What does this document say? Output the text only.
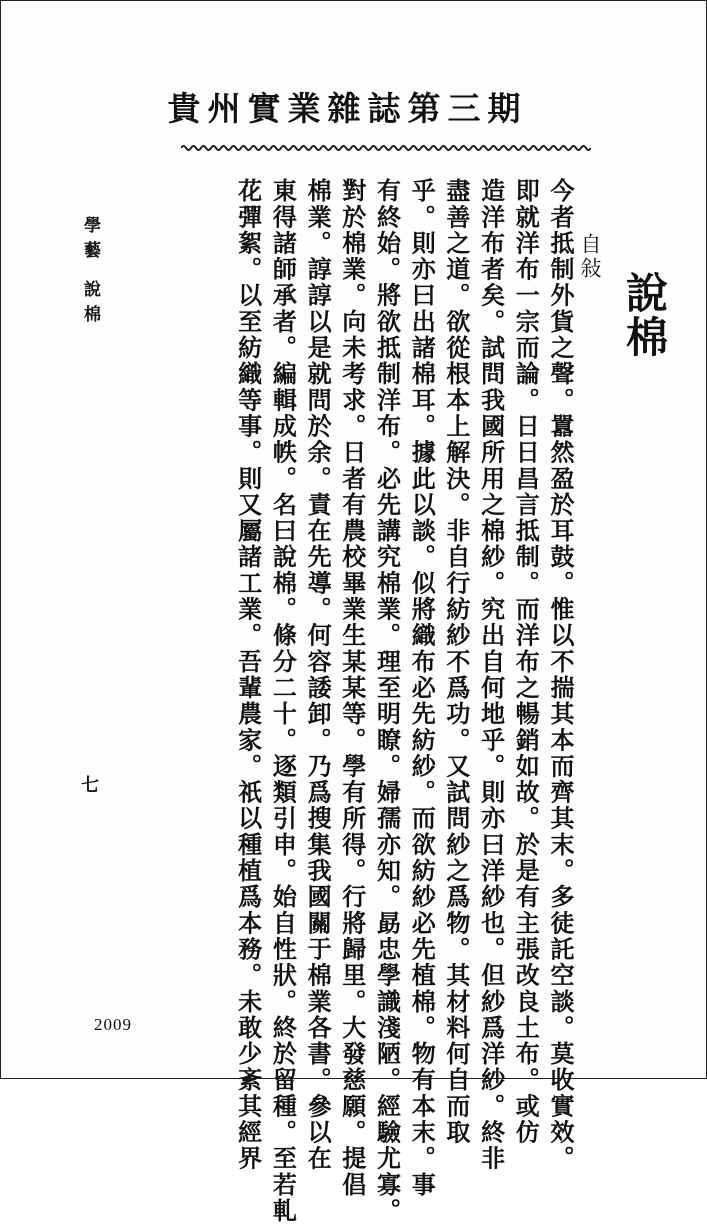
貴州實業雜誌第三期
說棉
自敍
今者抵制外貨之聲。囂然盈於耳鼓。惟以不揣其本而齊其末。多徒託空談。莫收實效。
即就洋布一宗而論。日日昌言抵制。而洋布之暢銷如故。於是有主張改良土布。或仿
造洋布者矣。試問我國所用之棉紗。究出自何地乎。則亦曰洋紗也。但紗爲洋紗。終非
盡善之道。欲從根本上解決。非自行紡紗不爲功。又試問紗之爲物。其材料何自而取
乎。則亦曰出諸棉耳。據此以談。似將織布必先紡紗。而欲紡紗必先植棉。物有本末。事
有終始。將欲抵制洋布。必先講究棉業。理至明瞭。婦孺亦知。勗忠學識淺陋。經驗尤寡。
對於棉業。向未考求。日者有農校畢業生某某等。學有所得。行將歸里。大發慈願。提倡
棉業。諄諄以是就問於余。責在先導。何容諉卸。乃爲搜集我國關于棉業各書。參以在
東得諸師承者。編輯成帙。名曰說棉。條分二十。逐類引申。始自性狀。終於留種。至若軋
花彈絮。以至紡織等事。則又屬諸工業。吾輩農家。祇以種植爲本務。未敢少紊其經界
學藝 說棉
七
2009
